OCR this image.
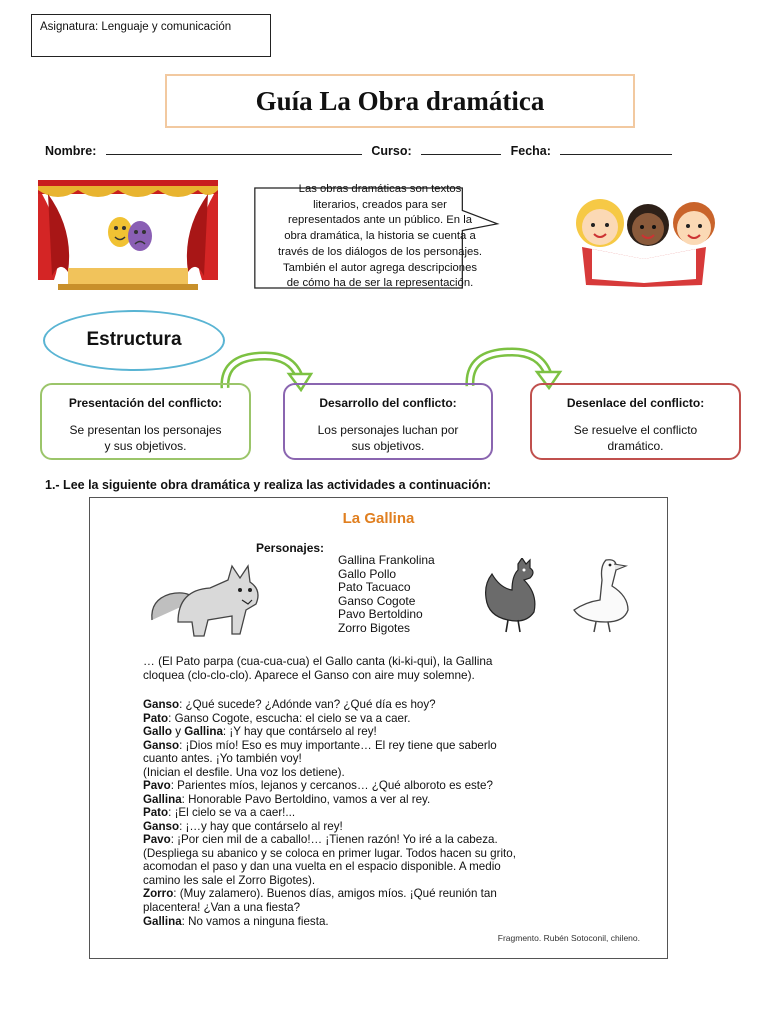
Asignatura: Lenguaje y comunicación
Guía La Obra dramática
Nombre:	Curso:	Fecha:
Las obras dramáticas son textos
literarios, creados para ser
representados ante un público. En la
obra dramática, la historia se cuenta a
través de los diálogos de los personajes.
También el autor agrega descripciones
de cómo ha de ser la representación.
Estructura
Presentación del conflicto:
Se presentan los personajes
y sus objetivos.
Desarrollo del conflicto:
Los personajes luchan por
sus objetivos.
Desenlace del conflicto:
Se resuelve el conflicto
dramático.
1.- Lee la siguiente obra dramática y realiza las actividades a continuación:
La Gallina
Personajes:
Gallina Frankolina
Gallo Pollo
Pato Tacuaco
Ganso Cogote
Pavo Bertoldino
Zorro Bigotes
… (El Pato parpa (cua-cua-cua) el Gallo canta (ki-ki-qui), la Gallina
cloquea (clo-clo-clo). Aparece el Ganso con aire muy solemne).
Ganso: ¿Qué sucede? ¿Adónde van? ¿Qué día es hoy?
Pato: Ganso Cogote, escucha: el cielo se va a caer.
Gallo y Gallina: ¡Y hay que contárselo al rey!
Ganso: ¡Dios mío! Eso es muy importante… El rey tiene que saberlo
cuanto antes. ¡Yo también voy!
(Inician el desfile. Una voz los detiene).
Pavo: Parientes míos, lejanos y cercanos… ¿Qué alboroto es este?
Gallina: Honorable Pavo Bertoldino, vamos a ver al rey.
Pato: ¡El cielo se va a caer!...
Ganso: ¡…y hay que contárselo al rey!
Pavo: ¡Por cien mil de a caballo!… ¡Tienen razón! Yo iré a la cabeza.
(Despliega su abanico y se coloca en primer lugar. Todos hacen su grito,
acomodan el paso y dan una vuelta en el espacio disponible. A medio
camino les sale el Zorro Bigotes).
Zorro: (Muy zalamero). Buenos días, amigos míos. ¡Qué reunión tan
placentera! ¿Van a una fiesta?
Gallina: No vamos a ninguna fiesta.
Fragmento. Rubén Sotoconil, chileno.
